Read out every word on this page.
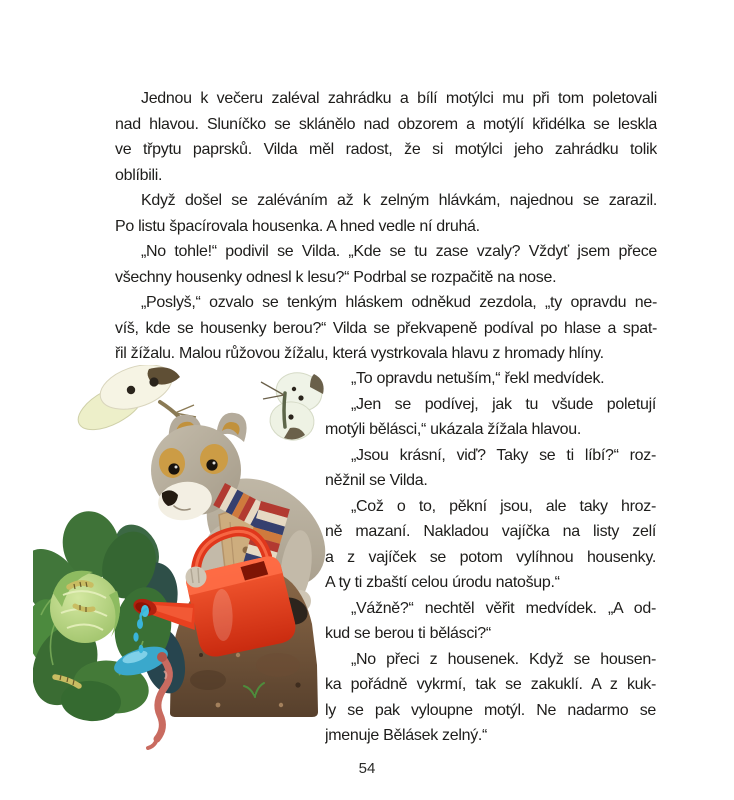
Jednou k večeru zaléval zahrádku a bílí motýlci mu při tom poletovali
nad hlavou. Sluníčko se sklánělo nad obzorem a motýlí křidélka se leskla
ve třpytu paprsků. Vilda měl radost, že si motýlci jeho zahrádku tolik
oblíbili.
Když došel se zaléváním až k zelným hlávkám, najednou se zarazil.
Po listu špacírovala housenka. A hned vedle ní druhá.
„No tohle!“ podivil se Vilda. „Kde se tu zase vzaly? Vždyť jsem přece
všechny housenky odnesl k lesu?“ Podrbal se rozpačitě na nose.
„Poslyš,“ ozvalo se tenkým hláskem odněkud zezdola, „ty opravdu ne-
víš, kde se housenky berou?“ Vilda se překvapeně podíval po hlase a spat-
řil žížalu. Malou růžovou žížalu, která vystrkovala hlavu z hromady hlíny.
„To opravdu netuším,“ řekl medvídek.
„Jen se podívej, jak tu všude poletují
motýli bělásci,“ ukázala žížala hlavou.
„Jsou krásní, viď? Taky se ti líbí?“ roz-
něžnil se Vilda.
„Což o to, pěkní jsou, ale taky hroz-
ně mazaní. Nakladou vajíčka na listy zelí
a z vajíček se potom vylíhnou housenky.
A ty ti zbaští celou úrodu natošup.“
„Vážně?“ nechtěl věřit medvídek. „A od-
kud se berou ti bělásci?“
„No přeci z housenek. Když se housen-
ka pořádně vykrmí, tak se zakuklí. A z kuk-
ly se pak vyloupne motýl. Ne nadarmo se
jmenuje Bělásek zelný.“
54
